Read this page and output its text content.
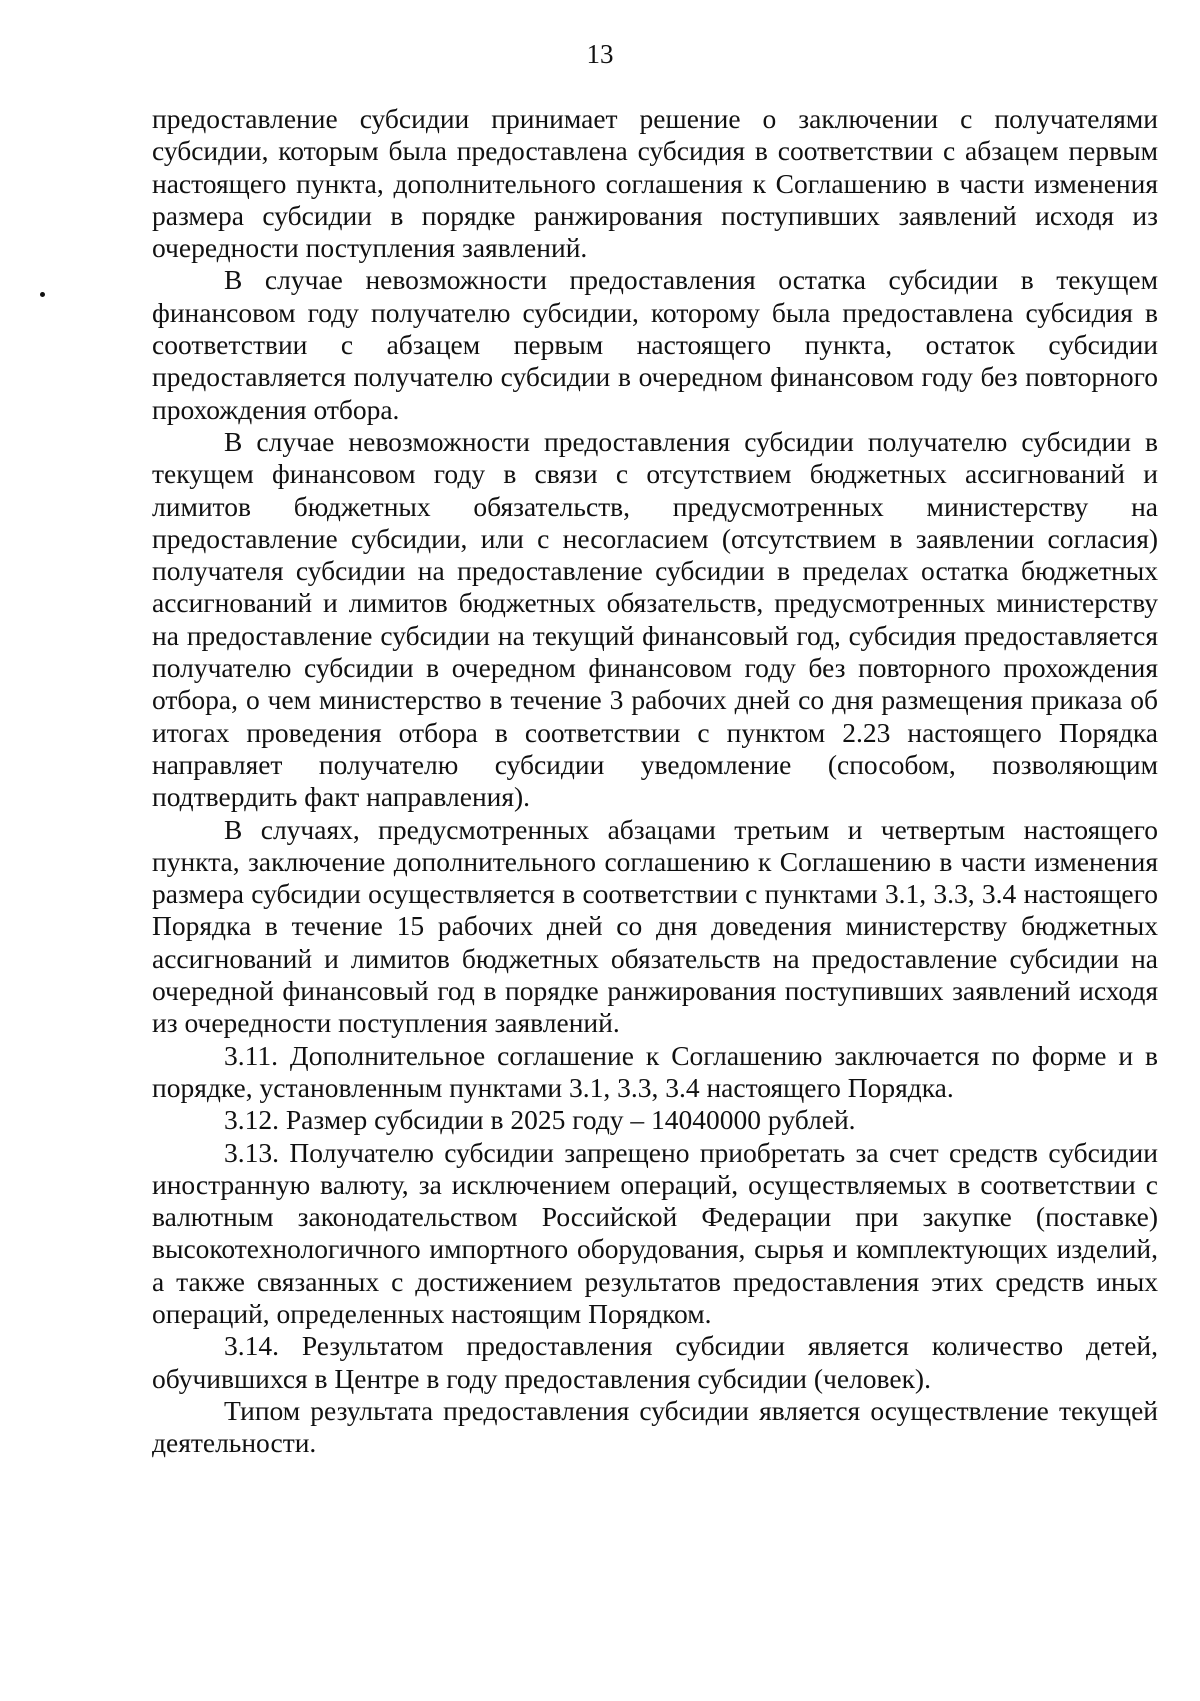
13

предоставление субсидии принимает решение о заключении с получателями субсидии, которым была предоставлена субсидия в соответствии с абзацем первым настоящего пункта, дополнительного соглашения к Соглашению в части изменения размера субсидии в порядке ранжирования поступивших заявлений исходя из очередности поступления заявлений.

В случае невозможности предоставления остатка субсидии в текущем финансовом году получателю субсидии, которому была предоставлена субсидия в соответствии с абзацем первым настоящего пункта, остаток субсидии предоставляется получателю субсидии в очередном финансовом году без повторного прохождения отбора.

В случае невозможности предоставления субсидии получателю субсидии в текущем финансовом году в связи с отсутствием бюджетных ассигнований и лимитов бюджетных обязательств, предусмотренных министерству на предоставление субсидии, или с несогласием (отсутствием в заявлении согласия) получателя субсидии на предоставление субсидии в пределах остатка бюджетных ассигнований и лимитов бюджетных обязательств, предусмотренных министерству на предоставление субсидии на текущий финансовый год, субсидия предоставляется получателю субсидии в очередном финансовом году без повторного прохождения отбора, о чем министерство в течение 3 рабочих дней со дня размещения приказа об итогах проведения отбора в соответствии с пунктом 2.23 настоящего Порядка направляет получателю субсидии уведомление (способом, позволяющим подтвердить факт направления).

В случаях, предусмотренных абзацами третьим и четвертым настоящего пункта, заключение дополнительного соглашению к Соглашению в части изменения размера субсидии осуществляется в соответствии с пунктами 3.1, 3.3, 3.4 настоящего Порядка в течение 15 рабочих дней со дня доведения министерству бюджетных ассигнований и лимитов бюджетных обязательств на предоставление субсидии на очередной финансовый год в порядке ранжирования поступивших заявлений исходя из очередности поступления заявлений.

3.11. Дополнительное соглашение к Соглашению заключается по форме и в порядке, установленным пунктами 3.1, 3.3, 3.4 настоящего Порядка.

3.12. Размер субсидии в 2025 году – 14040000 рублей.

3.13. Получателю субсидии запрещено приобретать за счет средств субсидии иностранную валюту, за исключением операций, осуществляемых в соответствии с валютным законодательством Российской Федерации при закупке (поставке) высокотехнологичного импортного оборудования, сырья и комплектующих изделий, а также связанных с достижением результатов предоставления этих средств иных операций, определенных настоящим Порядком.

3.14. Результатом предоставления субсидии является количество детей, обучившихся в Центре в году предоставления субсидии (человек).

Типом результата предоставления субсидии является осуществление текущей деятельности.
